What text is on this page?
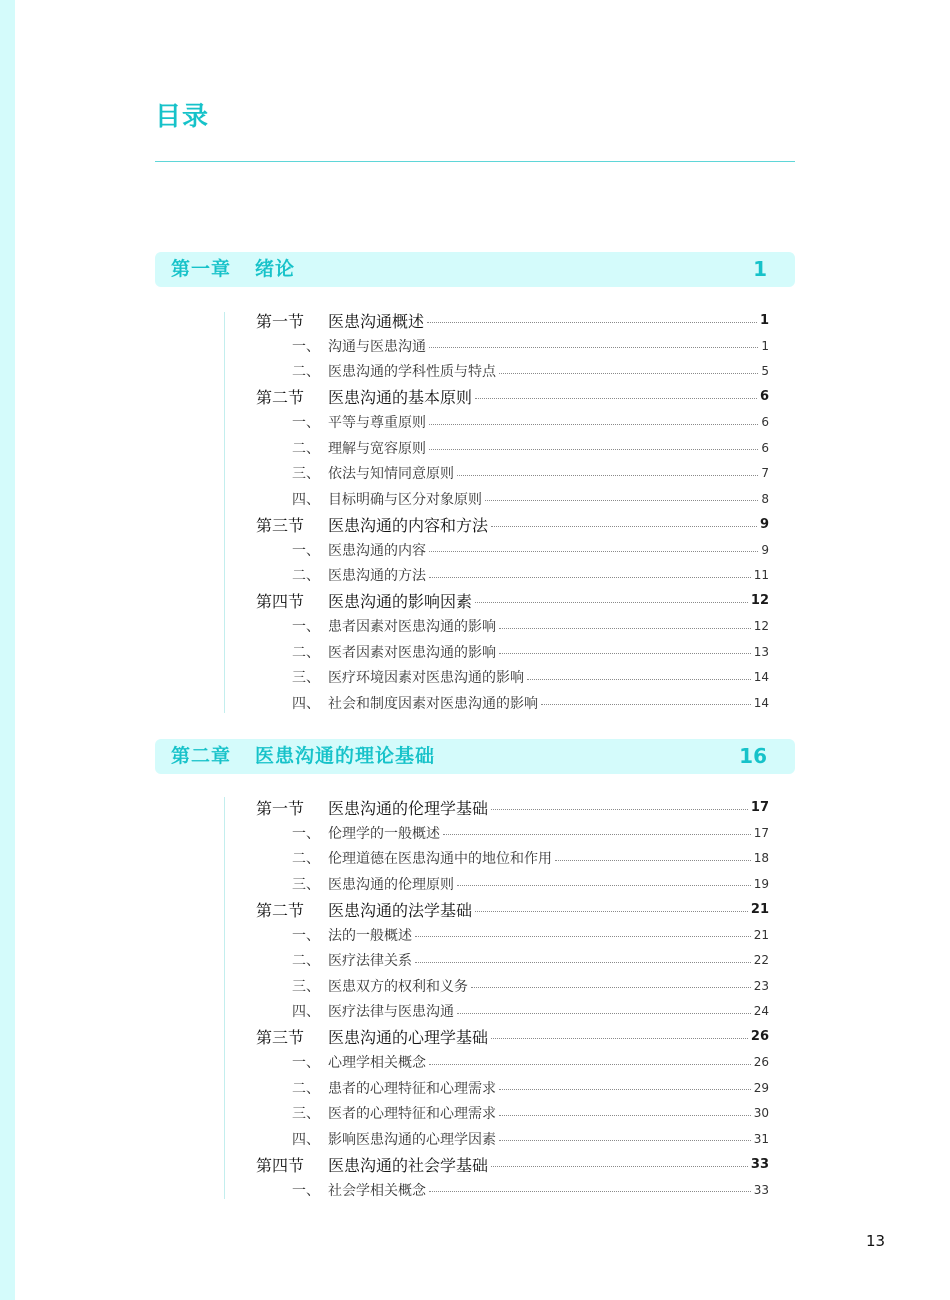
目录
第一章 绪论	1
第一节 医患沟通概述	1
一、 沟通与医患沟通	1
二、 医患沟通的学科性质与特点	5
第二节 医患沟通的基本原则	6
一、 平等与尊重原则	6
二、 理解与宽容原则	6
三、 依法与知情同意原则	7
四、 目标明确与区分对象原则	8
第三节 医患沟通的内容和方法	9
一、 医患沟通的内容	9
二、 医患沟通的方法	11
第四节 医患沟通的影响因素	12
一、 患者因素对医患沟通的影响	12
二、 医者因素对医患沟通的影响	13
三、 医疗环境因素对医患沟通的影响	14
四、 社会和制度因素对医患沟通的影响	14
第二章 医患沟通的理论基础	16
第一节 医患沟通的伦理学基础	17
一、 伦理学的一般概述	17
二、 伦理道德在医患沟通中的地位和作用	18
三、 医患沟通的伦理原则	19
第二节 医患沟通的法学基础	21
一、 法的一般概述	21
二、 医疗法律关系	22
三、 医患双方的权利和义务	23
四、 医疗法律与医患沟通	24
第三节 医患沟通的心理学基础	26
一、 心理学相关概念	26
二、 患者的心理特征和心理需求	29
三、 医者的心理特征和心理需求	30
四、 影响医患沟通的心理学因素	31
第四节 医患沟通的社会学基础	33
一、 社会学相关概念	33
13
